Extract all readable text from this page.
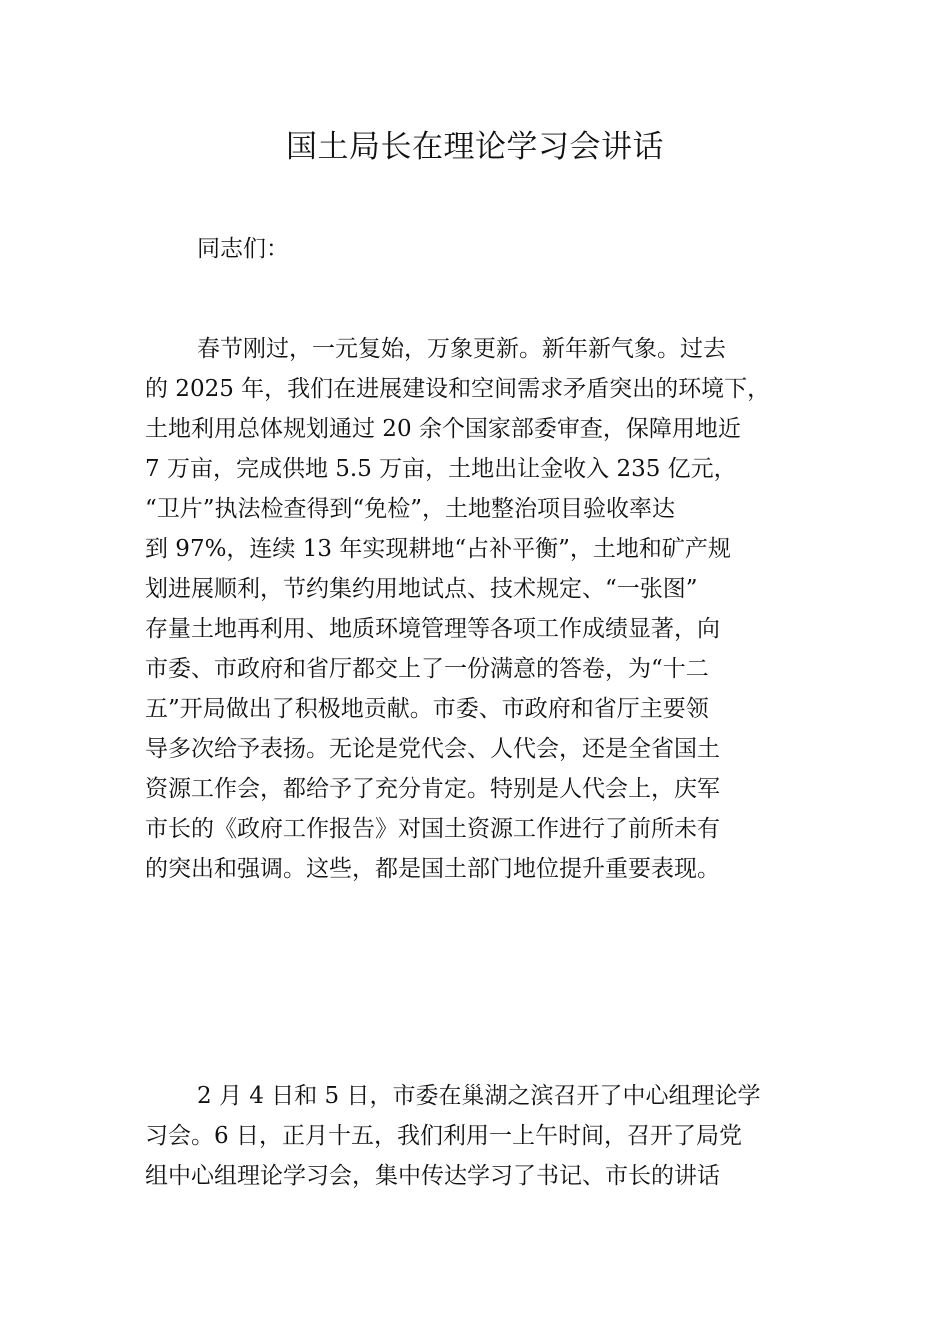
国土局长在理论学习会讲话

同志们：

春节刚过，一元复始，万象更新。新年新气象。过去
的 2025 年，我们在进展建设和空间需求矛盾突出的环境下，
土地利用总体规划通过 20 余个国家部委审查，保障用地近
7 万亩，完成供地 5.5 万亩，土地出让金收入 235 亿元，
“卫片”执法检查得到“免检”，土地整治项目验收率达
到 97%，连续 13 年实现耕地“占补平衡”，土地和矿产规
划进展顺利，节约集约用地试点、技术规定、“一张图”
存量土地再利用、地质环境管理等各项工作成绩显著，向
市委、市政府和省厅都交上了一份满意的答卷，为“十二
五”开局做出了积极地贡献。市委、市政府和省厅主要领
导多次给予表扬。无论是党代会、人代会，还是全省国土
资源工作会，都给予了充分肯定。特别是人代会上，庆军
市长的《政府工作报告》对国土资源工作进行了前所未有
的突出和强调。这些，都是国土部门地位提升重要表现。
2 月 4 日和 5 日，市委在巢湖之滨召开了中心组理论学
习会。6 日，正月十五，我们利用一上午时间，召开了局党
组中心组理论学习会，集中传达学习了书记、市长的讲话
